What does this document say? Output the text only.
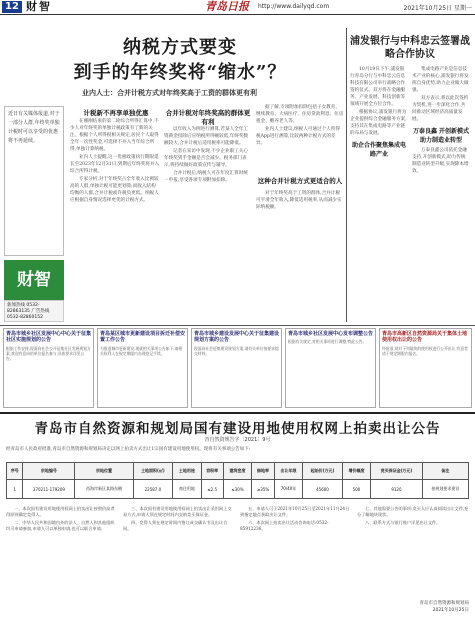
12 财智	青岛日报 http://www.dailyqd.com	2021年10月25日 星期一
纳税方式要变
到手的年终奖将“缩水”？
业内人士：合并计税方式对年终奖高于工资的群体更有利
近日有关媒体报道,对于一部分人群,年终奖单独计税时可以享受的优惠将不再延续。
财智
新闻热线 0532-82863135 广告热线 0532-82860152
计税新不再享单独优惠

在刚刚结束的第二轮综合所得汇算中,不少人对年终奖的单独计税政策有了新的关注。根据个人所得税相关规定,居民个人取得全年一次性奖金,可选择不并入当年综合所得,单独计算纳税。

业内人士提醒,这一优惠政策执行期限延长至2023年12月31日,到期后年终奖将并入综合所得计税。

专家分析,对于年终奖占全年收入比例较高的人群,单独计税可能更划算;而收入结构均衡的人群,合并计税或许税负更低。纳税人应根据自身情况选择更优的计税方式。

合并计税对年终奖高的群体更有利

以年收入为例进行测算,若某人全年工资薪金扣除后应纳税所得额较低,年终奖数额较大,合并计税后适用税率可能降低。

记者在采访中发现,不少企业职工关心年终奖到手金额是否会减少。税务部门表示,将持续做好政策宣传与辅导。

合并计税后,纳税人可在年度汇算时统一申报,享受各项专项附加扣除。	这种合并计税方式更适合的人

据了解,专项附加扣除包括子女教育、继续教育、大病医疗、住房贷款利息、住房租金、赡养老人等。

业内人士建议,纳税人可通过个人所得税App进行测算,比较两种计税方式的差异。

对于年终奖高于工资的群体,合并计税可平滑全年收入,降低适用税率,从而减少实际纳税额。

浦发银行与中科忠云签署战略合作协议

10月19日下午,浦发银行青岛分行与中科忠云信息科技有限公司举行战略合作签约仪式。双方将在金融服务、产业发展、科技创新等领域开展全方位合作。

根据协议,浦发银行将为企业提供综合金融服务方案,支持其在集成电路等产业链的布局与发展。

助企合作聚焦集成电路产业

集成电路产业是信息技术产业的核心,浦发银行将发挥自身优势,助力企业做大做强。

双方表示,将以此次签约为契机,进一步深化合作,共同推动区域经济高质量发展。

万泰良鑫 开创新模式助力制造业转型

万泰良鑫公司依托金融支持,开创新模式,助力传统制造业转型升级,实现降本增效。

青岛市城乡社区发展中心中心关于征集社区实施规划的公告
根据工作安排,现面向社会公开征集社区发展规划方案,欢迎有意向的单位报名参与,具体要求详见公告。
青岛某区城市更新建设项目拆迁补偿安置工作公告
为推进城市更新建设,现就相关事项公告如下,请相关权利人在规定期限内办理登记手续。
青岛市城乡建设发展中心关于征集建设规划方案的公告
现面向社会征集建设规划方案,请有关单位按要求提交材料。
青岛市城乡社区发展中心发布调整公告
根据有关规定,对相关事项进行调整,特此公告。
青岛市高新区自然资源局关于集体土地使用权出让的公告
经批准,现对下列地块的使用权进行公开出让,有意者请于规定期限内报名。
青岛市自然资源和规划局国有建设用地使用权网上拍卖出让公告
青自然资规告字〔2021〕9号
经青岛市人民政府批准,青岛市自然资源和规划局决定以网上拍卖方式出让1宗国有建设用地使用权。现将有关事项公告如下:
序号	宗地编号	宗地位置	土地面积(㎡)	土地用途	容积率	建筑密度	绿地率	出让年限	起始价(万元)	增价幅度	竞买保证金(万元)	备注
1	370211-179209	西海岸新区某路东侧	22587.0	商住用地	≤2.5	≤30%	≥35%	70/40年	45600	500	9120	按规划要求建设

一、本次国有建设用地使用权网上拍卖出让按照价高者得原则确定竞得人。

二、中华人民共和国境内外的法人、自然人和其他组织均可申请参加,申请人可以单独申请,也可以联合申请。

三、本次国有建设用地使用权网上拍卖出让采用网上交易方式,申请人须在规定时间内交纳竞买保证金。

四、竞得人须在规定时间内签订成交确认书及出让合同。

五、申请人可于2021年10月25日至2021年11月24日到指定地点获取出让文件。

六、本次网上拍卖出让活动咨询电话:0532-85912236。

七、其他需要公告的事项:竞买人应认真阅读出让文件,充分了解地块现状。

八、联系方式与银行账户详见出让文件。

青岛市自然资源和规划局
2021年10月25日
